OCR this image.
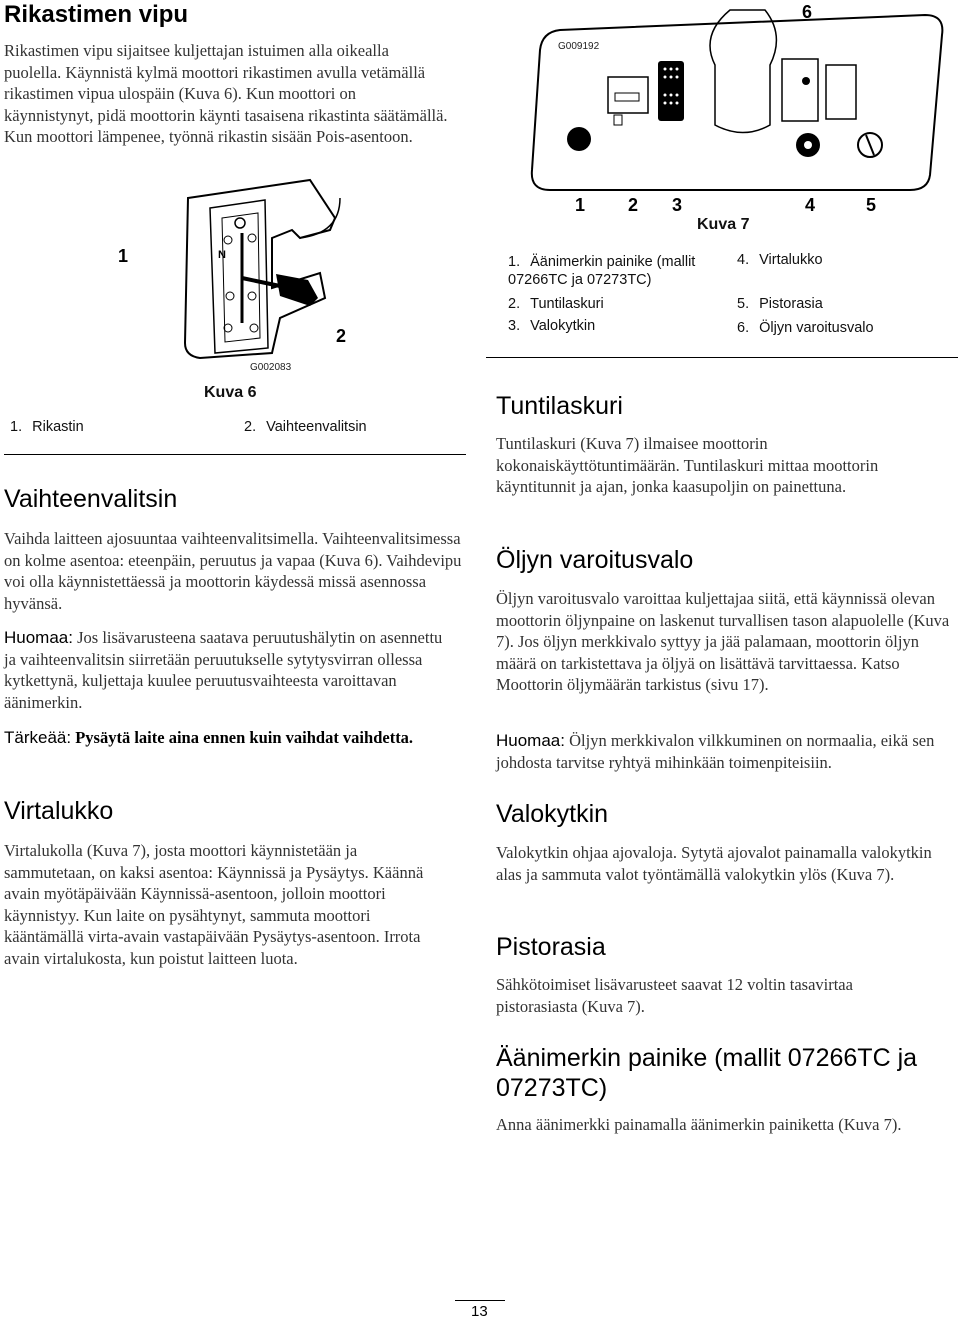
Rikastimen vipu

Rikastimen vipu sijaitsee kuljettajan istuimen alla oikealla puolella. Käynnistä kylmä moottori rikastimen avulla vetämällä rikastimen vipua ulospäin (Kuva 6). Kun moottori on käynnistynyt, pidä moottorin käynti tasaisena rikastinta säätämällä. Kun moottori lämpenee, työnnä rikastin sisään Pois-asentoon.

N
1
2
G002083
Kuva 6
1. Rikastin	2. Vaihteenvalitsin
Vaihteenvalitsin

Vaihda laitteen ajosuuntaa vaihteenvalitsimella. Vaihteenvalitsimessa on kolme asentoa: eteenpäin, peruutus ja vapaa (Kuva 6). Vaihdevipu voi olla käynnistettäessä ja moottorin käydessä missä asennossa hyvänsä.

Huomaa: Jos lisävarusteena saatava peruutushälytin on asennettu ja vaihteenvalitsin siirretään peruutukselle sytytysvirran ollessa kytkettynä, kuljettaja kuulee peruutusvaihteesta varoittavan äänimerkin.

Tärkeää: Pysäytä laite aina ennen kuin vaihdat vaihdetta.

Virtalukko

Virtalukolla (Kuva 7), josta moottori käynnistetään ja sammutetaan, on kaksi asentoa: Käynnissä ja Pysäytys. Käännä avain myötäpäivään Käynnissä-asentoon, jolloin moottori käynnistyy. Kun laite on pysähtynyt, sammuta moottori kääntämällä virta-avain vastapäivään Pysäytys-asentoon. Irrota avain virtalukosta, kun poistut laitteen luota.

G009192
6
1 2 3	4	5
Kuva 7
1. Äänimerkin painike (mallit 07266TC ja 07273TC)
2. Tuntilaskuri
3. Valokytkin
4. Virtalukko
5. Pistorasia
6. Öljyn varoitusvalo
Tuntilaskuri

Tuntilaskuri (Kuva 7) ilmaisee moottorin kokonaiskäyttötuntimäärän. Tuntilaskuri mittaa moottorin käyntitunnit ja ajan, jonka kaasupoljin on painettuna.

Öljyn varoitusvalo

Öljyn varoitusvalo varoittaa kuljettajaa siitä, että käynnissä olevan moottorin öljynpaine on laskenut turvallisen tason alapuolelle (Kuva 7). Jos öljyn merkkivalo syttyy ja jää palamaan, moottorin öljyn määrä on tarkistettava ja öljyä on lisättävä tarvittaessa. Katso Moottorin öljymäärän tarkistus (sivu 17).

Huomaa: Öljyn merkkivalon vilkkuminen on normaalia, eikä sen johdosta tarvitse ryhtyä mihinkään toimenpiteisiin.

Valokytkin

Valokytkin ohjaa ajovaloja. Sytytä ajovalot painamalla valokytkin alas ja sammuta valot työntämällä valokytkin ylös (Kuva 7).

Pistorasia

Sähkötoimiset lisävarusteet saavat 12 voltin tasavirtaa pistorasiasta (Kuva 7).

Äänimerkin painike (mallit 07266TC ja 07273TC)

Anna äänimerkki painamalla äänimerkin painiketta (Kuva 7).

13
